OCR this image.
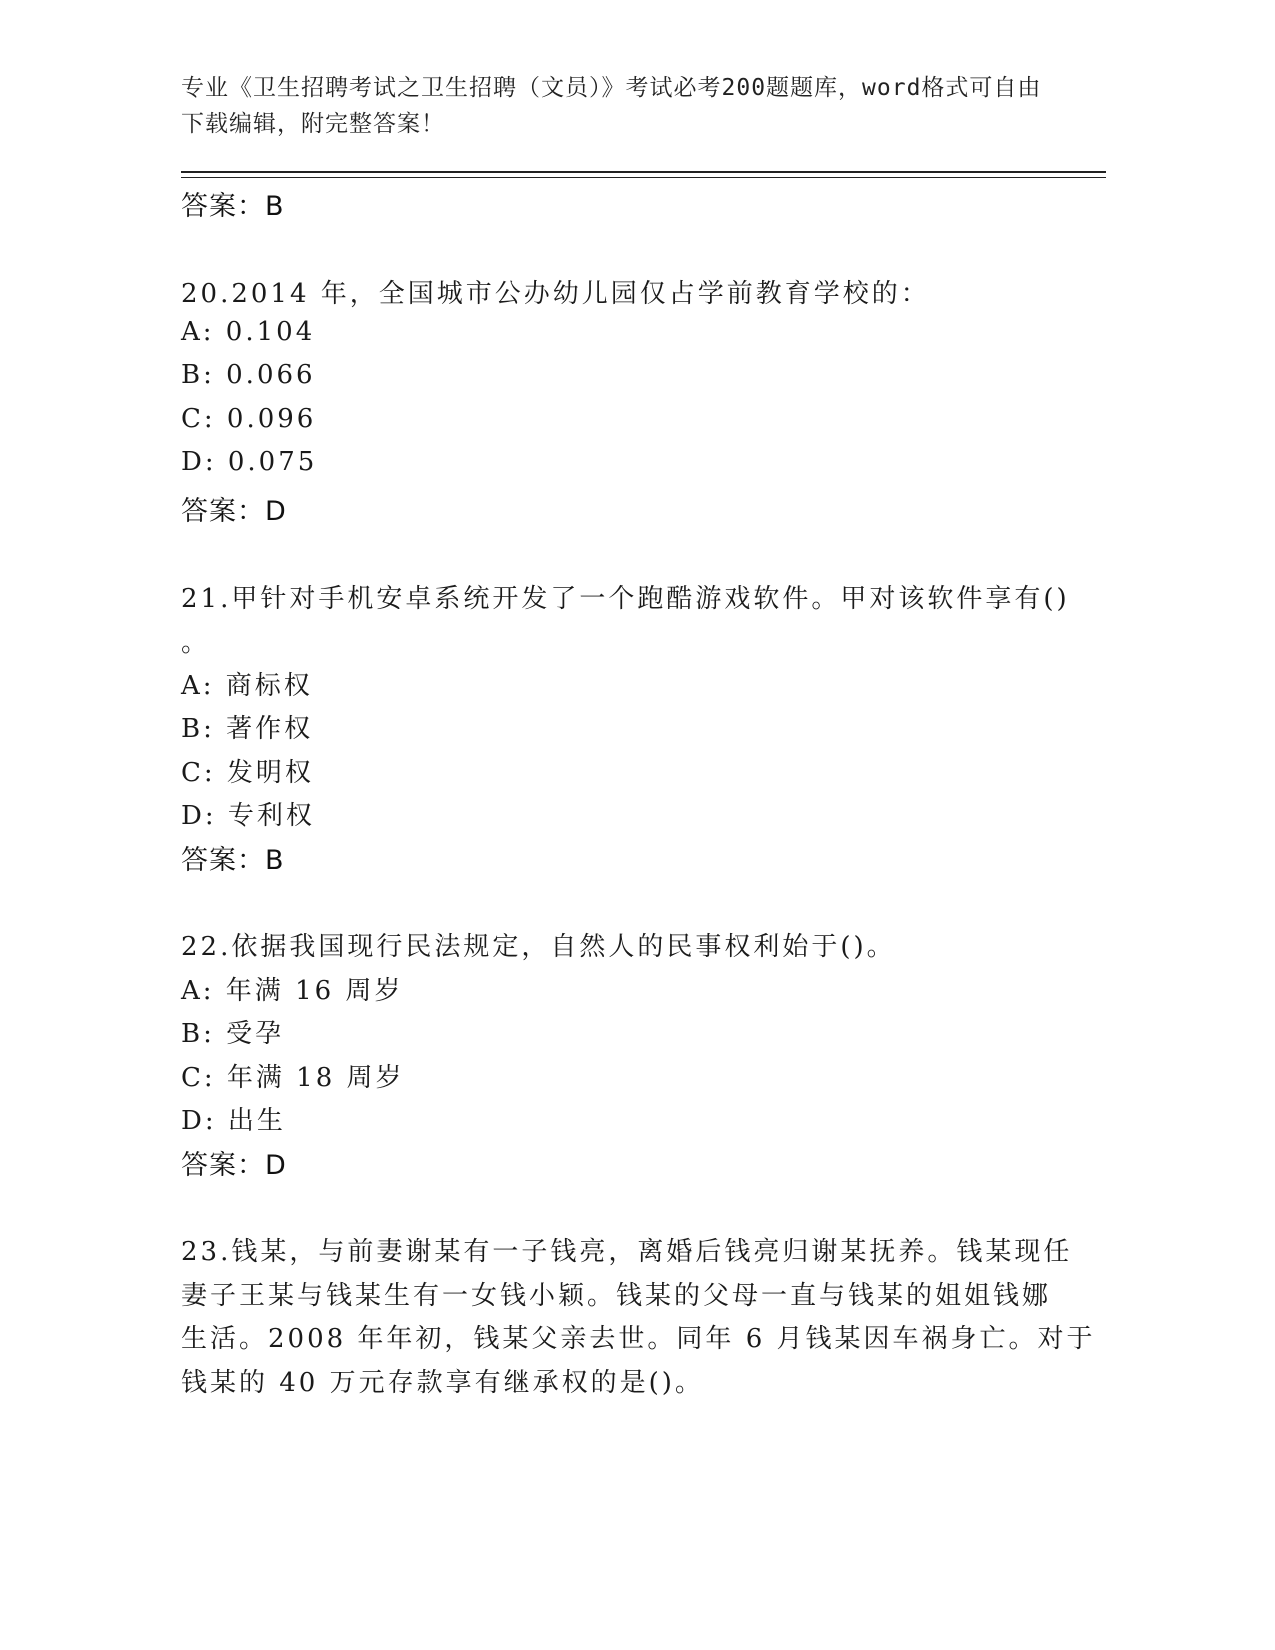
专业《卫生招聘考试之卫生招聘（文员）》考试必考200题题库，word格式可自由下载编辑，附完整答案！
答案：B
20.2014 年，全国城市公办幼儿园仅占学前教育学校的：
A: 0.104
B: 0.066
C: 0.096
D: 0.075
答案：D
21.甲针对手机安卓系统开发了一个跑酷游戏软件。甲对该软件享有()
。
A: 商标权
B: 著作权
C: 发明权
D: 专利权
答案：B
22.依据我国现行民法规定，自然人的民事权利始于()。
A: 年满 16 周岁
B: 受孕
C: 年满 18 周岁
D: 出生
答案：D
23.钱某，与前妻谢某有一子钱亮，离婚后钱亮归谢某抚养。钱某现任
妻子王某与钱某生有一女钱小颖。钱某的父母一直与钱某的姐姐钱娜
生活。2008 年年初，钱某父亲去世。同年 6 月钱某因车祸身亡。对于
钱某的 40 万元存款享有继承权的是()。
